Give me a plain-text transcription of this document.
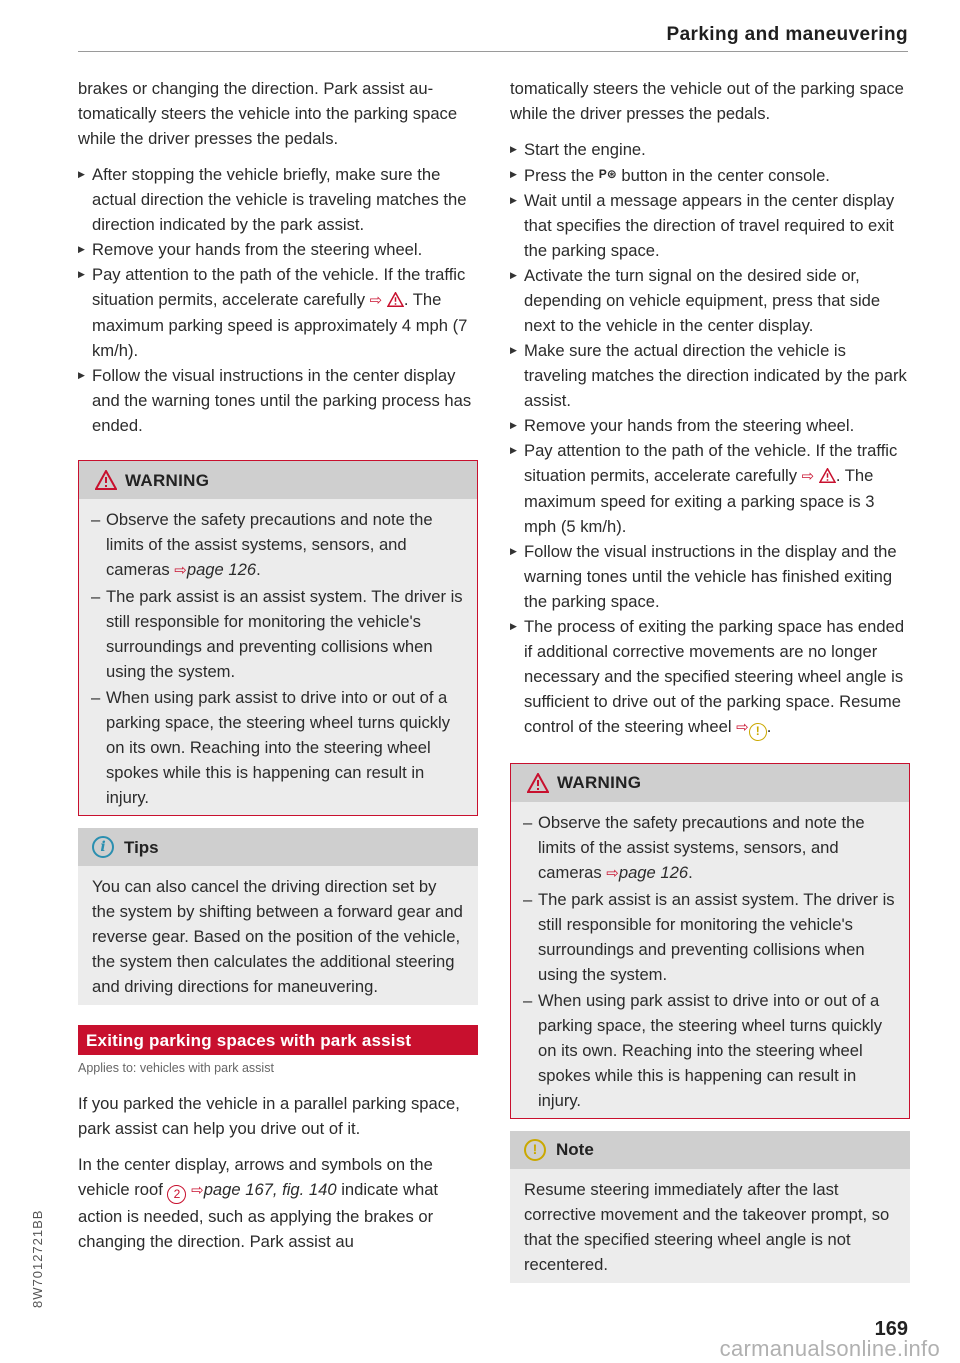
Parking and maneuvering

brakes or changing the direction. Park assist automatically steers the vehicle into the parking space while the driver presses the pedals.

▶ After stopping the vehicle briefly, make sure the actual direction the vehicle is traveling matches the direction indicated by the park assist.
▶ Remove your hands from the steering wheel.
▶ Pay attention to the path of the vehicle. If the traffic situation permits, accelerate carefully ⇨ . The maximum parking speed is approximately 4 mph (7 km/h).
▶ Follow the visual instructions in the center display and the warning tones until the parking process has ended.
WARNING
– Observe the safety precautions and note the limits of the assist systems, sensors, and cameras ⇨page 126.
– The park assist is an assist system. The driver is still responsible for monitoring the vehicle's surroundings and preventing collisions when using the system.
– When using park assist to drive into or out of a parking space, the steering wheel turns quickly on its own. Reaching into the steering wheel spokes while this is happening can result in injury.
i	Tips
You can also cancel the driving direction set by the system by shifting between a forward gear and reverse gear. Based on the position of the vehicle, the system then calculates the additional steering and driving directions for maneuvering.
Exiting parking spaces with park assist
Applies to: vehicles with park assist

If you parked the vehicle in a parallel parking space, park assist can help you drive out of it.

In the center display, arrows and symbols on the vehicle roof 2 ⇨page 167, fig. 140 indicate what action is needed, such as applying the brakes or changing the direction. Park assist au

tomatically steers the vehicle out of the parking space while the driver presses the pedals.

▶ Start the engine.
▶ Press the P⊛ button in the center console.
▶ Wait until a message appears in the center display that specifies the direction of travel required to exit the parking space.
▶ Activate the turn signal on the desired side or, depending on vehicle equipment, press that side next to the vehicle in the center display.
▶ Make sure the actual direction the vehicle is traveling matches the direction indicated by the park assist.
▶ Remove your hands from the steering wheel.
▶ Pay attention to the path of the vehicle. If the traffic situation permits, accelerate carefully ⇨ . The maximum speed for exiting a parking space is 3 mph (5 km/h).
▶ Follow the visual instructions in the display and the warning tones until the vehicle has finished exiting the parking space.
▶ The process of exiting the parking space has ended if additional corrective movements are no longer necessary and the specified steering wheel angle is sufficient to drive out of the parking space. Resume control of the steering wheel ⇨ ! .
WARNING
– Observe the safety precautions and note the limits of the assist systems, sensors, and cameras ⇨page 126.
– The park assist is an assist system. The driver is still responsible for monitoring the vehicle's surroundings and preventing collisions when using the system.
– When using park assist to drive into or out of a parking space, the steering wheel turns quickly on its own. Reaching into the steering wheel spokes while this is happening can result in injury.
!	Note
Resume steering immediately after the last corrective movement and the takeover prompt, so that the specified steering wheel angle is not recentered.
8W7012721BB
169
carmanualsonline.info
